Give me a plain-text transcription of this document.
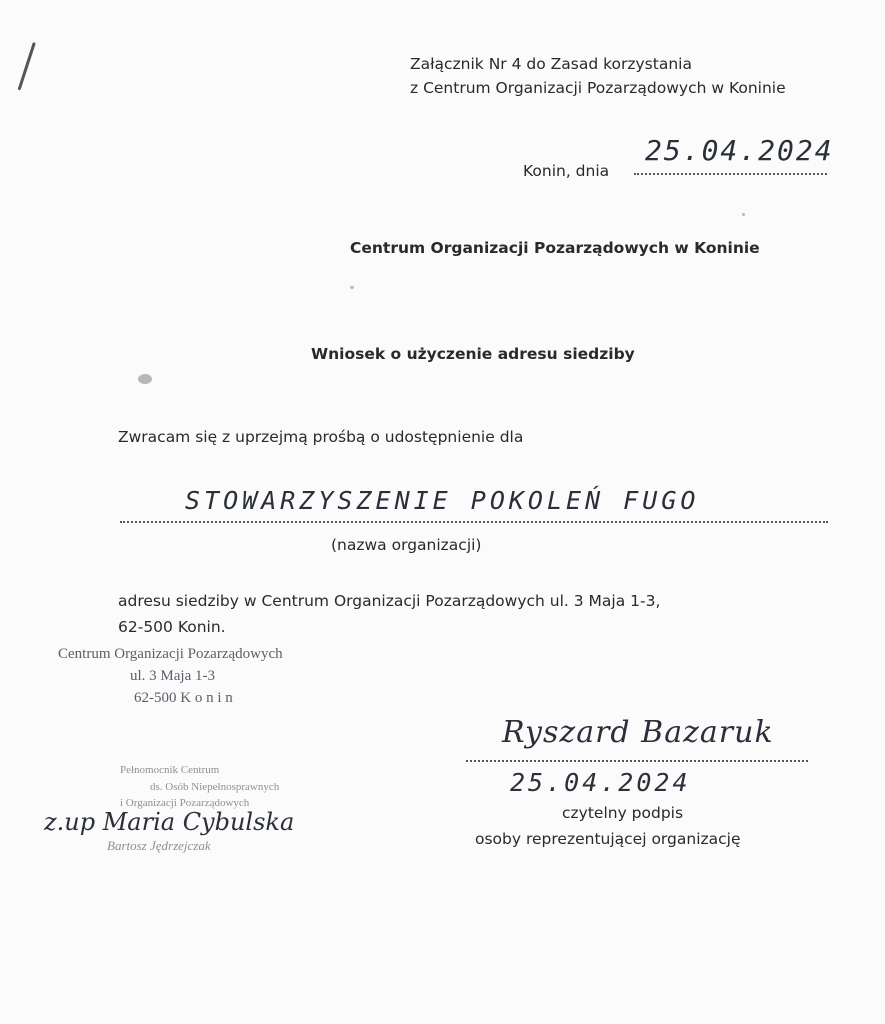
Załącznik Nr 4 do Zasad korzystania
z Centrum Organizacji Pozarządowych w Koninie
Konin, dnia
25.04.2024
Centrum Organizacji Pozarządowych w Koninie
Wniosek o użyczenie adresu siedziby
Zwracam się z uprzejmą prośbą o udostępnienie dla
STOWARZYSZENIE POKOLEŃ FUGO
(nazwa organizacji)
adresu siedziby w Centrum Organizacji Pozarządowych ul. 3 Maja 1-3,
62-500 Konin.
Centrum Organizacji Pozarządowych
ul. 3 Maja 1-3
62-500 K o n i n
Pełnomocnik Centrum
ds. Osób Niepełnosprawnych
i Organizacji Pozarządowych
z.up Maria Cybulska
Bartosz Jędrzejczak
Ryszard Bazaruk
25.04.2024
czytelny podpis
osoby reprezentującej organizację
